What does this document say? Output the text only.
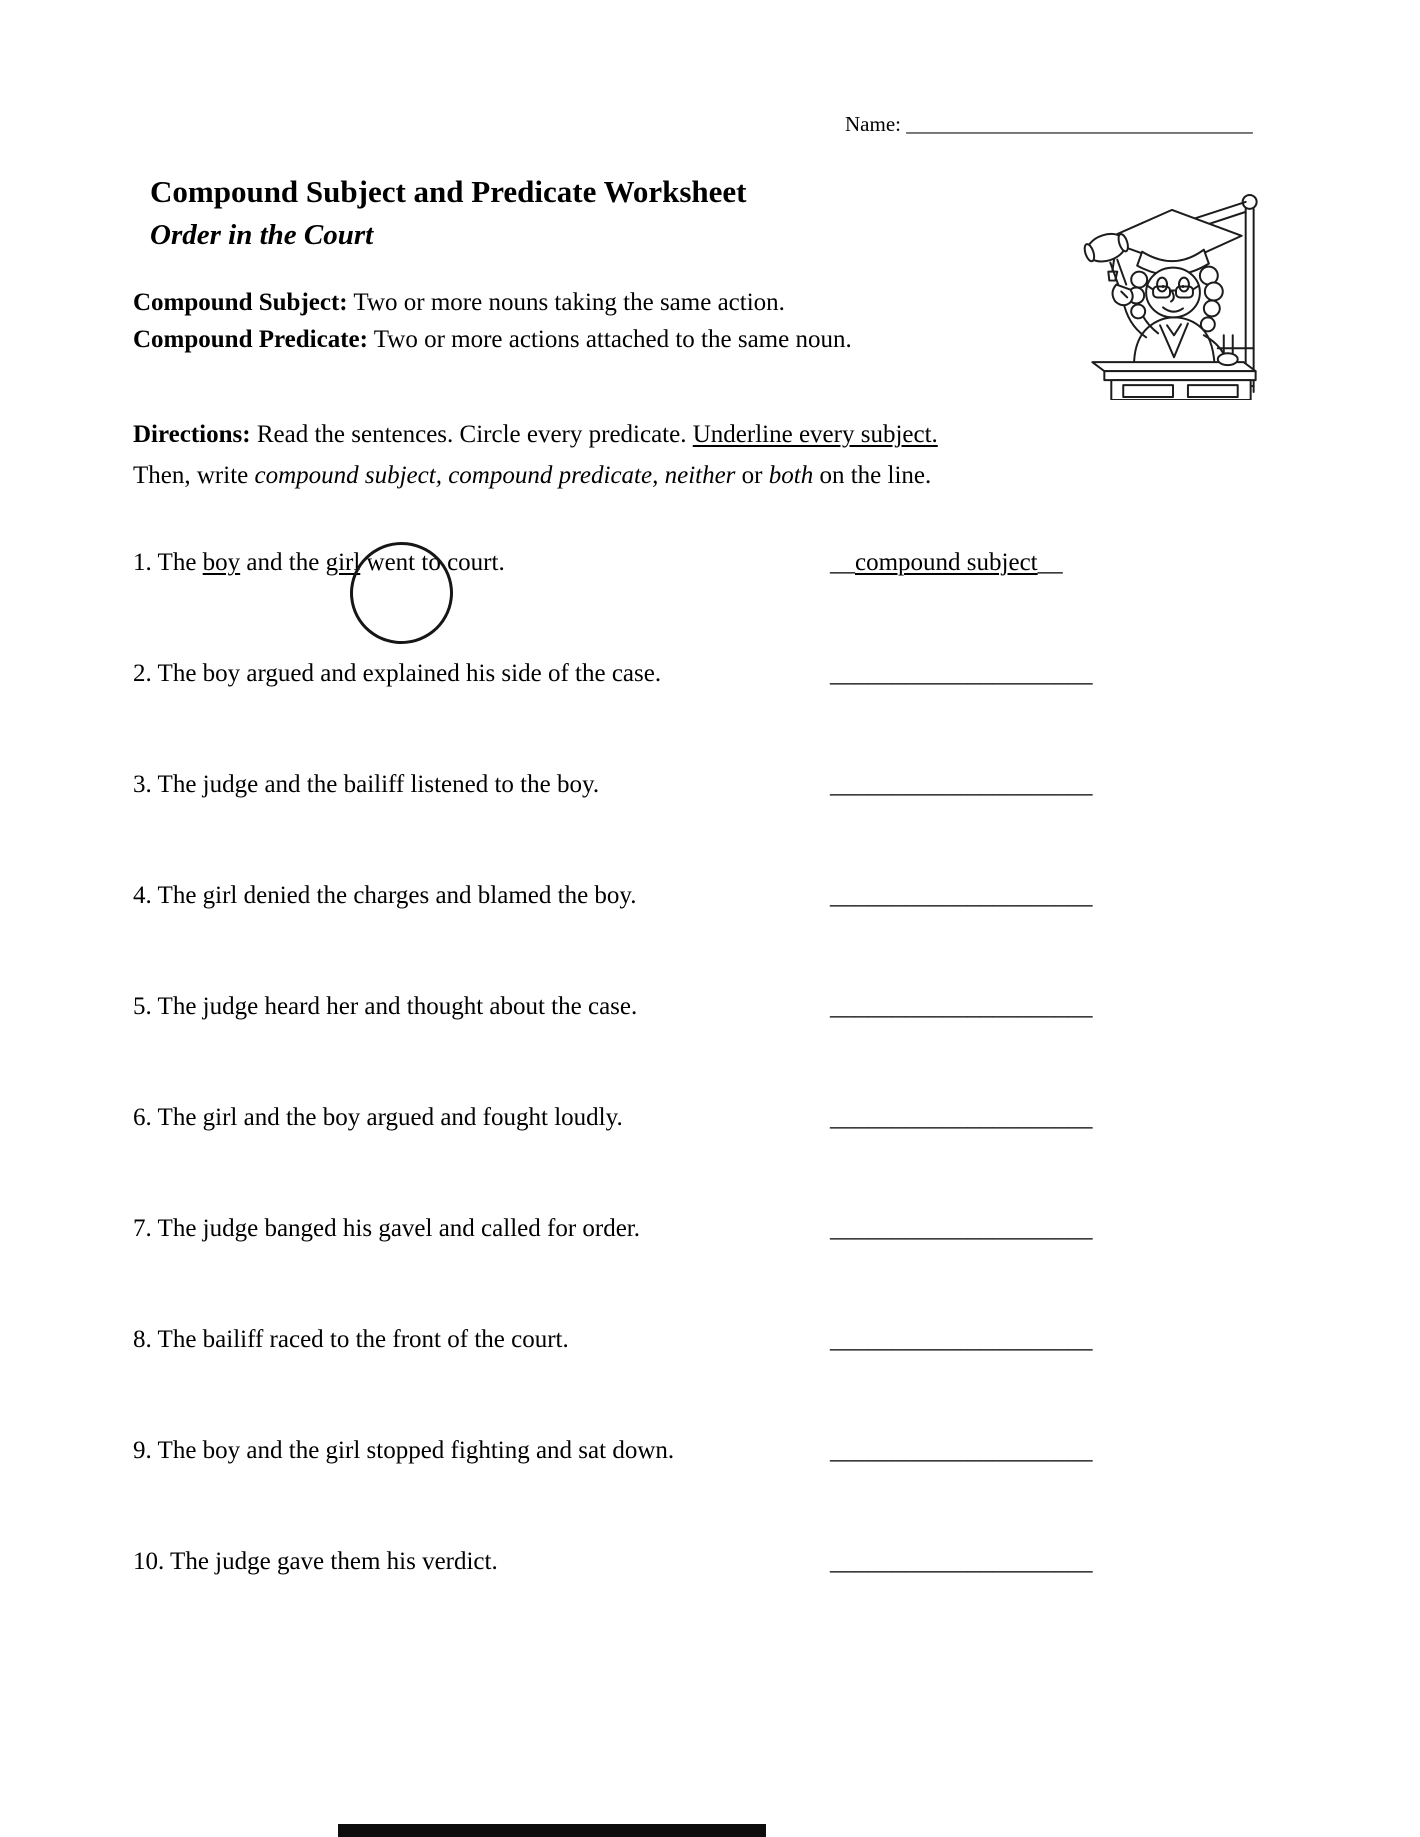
Name: _________________________________
Compound Subject and Predicate Worksheet
Order in the Court
Compound Subject: Two or more nouns taking the same action.
Compound Predicate: Two or more actions attached to the same noun.
Directions: Read the sentences. Circle every predicate. Underline every subject.
Then, write compound subject, compound predicate, neither or both on the line.
1. The boy and the girl went to court.	__compound subject__
2. The boy argued and explained his side of the case.	_____________________
3. The judge and the bailiff listened to the boy.	_____________________
4. The girl denied the charges and blamed the boy.	_____________________
5. The judge heard her and thought about the case.	_____________________
6. The girl and the boy argued and fought loudly.	_____________________
7. The judge banged his gavel and called for order.	_____________________
8. The bailiff raced to the front of the court.	_____________________
9. The boy and the girl stopped fighting and sat down.	_____________________
10. The judge gave them his verdict.	_____________________
